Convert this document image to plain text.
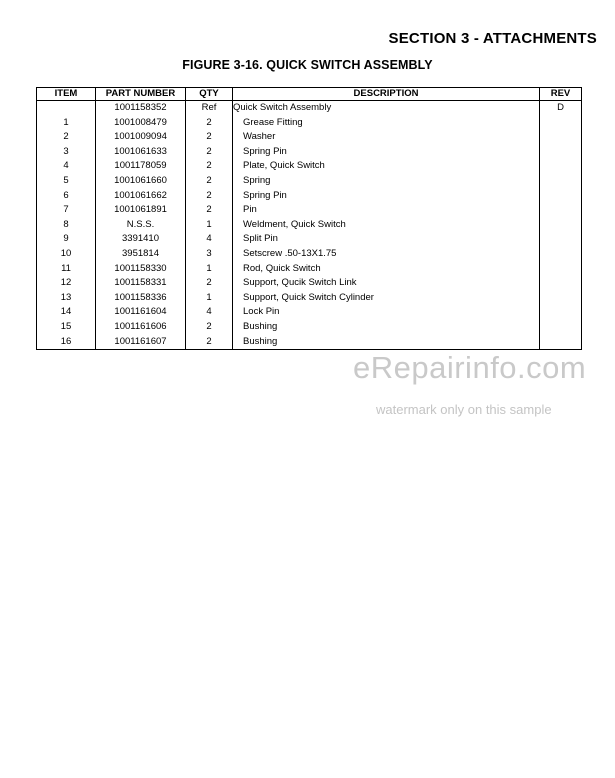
SECTION 3 - ATTACHMENTS
FIGURE 3-16. QUICK SWITCH ASSEMBLY
ITEM	PART NUMBER	QTY	DESCRIPTION	REV
	1001158352	Ref	Quick Switch Assembly	D
1	1001008479	2	Grease Fitting	
2	1001009094	2	Washer	
3	1001061633	2	Spring Pin	
4	1001178059	2	Plate, Quick Switch	
5	1001061660	2	Spring	
6	1001061662	2	Spring Pin	
7	1001061891	2	Pin	
8	N.S.S.	1	Weldment, Quick Switch	
9	3391410	4	Split Pin	
10	3951814	3	Setscrew .50-13X1.75	
11	1001158330	1	Rod, Quick Switch	
12	1001158331	2	Support, Qucik Switch Link	
13	1001158336	1	Support, Quick Switch Cylinder	
14	1001161604	4	Lock Pin	
15	1001161606	2	Bushing	
16	1001161607	2	Bushing	
eRepairinfo.com
watermark only on this sample
